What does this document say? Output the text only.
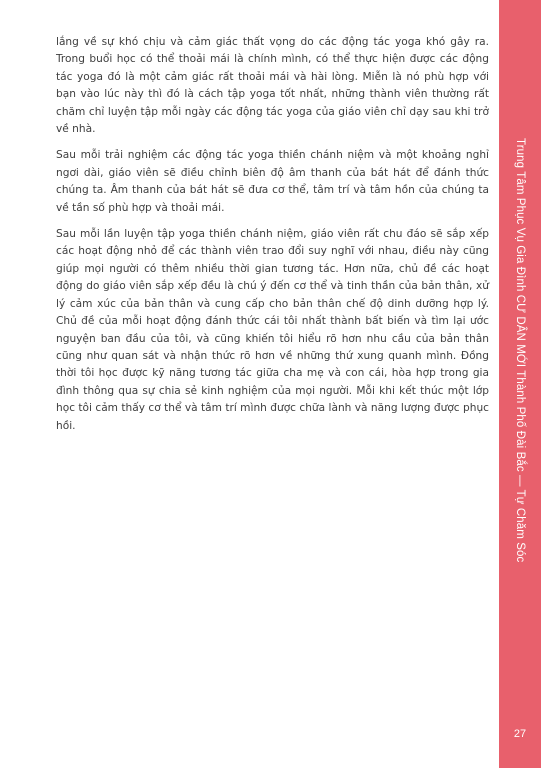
lắng về sự khó chịu và cảm giác thất vọng do các động tác yoga khó gây ra. Trong buổi học có thể thoải mái là chính mình, có thể thực hiện được các động tác yoga đó là một cảm giác rất thoải mái và hài lòng. Miễn là nó phù hợp với bạn vào lúc này thì đó là cách tập yoga tốt nhất, những thành viên thường rất chăm chỉ luyện tập mỗi ngày các động tác yoga của giáo viên chỉ dạy sau khi trở về nhà.

Sau mỗi trải nghiệm các động tác yoga thiền chánh niệm và một khoảng nghỉ ngơi dài, giáo viên sẽ điều chỉnh biên độ âm thanh của bát hát để đánh thức chúng ta. Âm thanh của bát hát sẽ đưa cơ thể, tâm trí và tâm hồn của chúng ta về tần số phù hợp và thoải mái.

Sau mỗi lần luyện tập yoga thiền chánh niệm, giáo viên rất chu đáo sẽ sắp xếp các hoạt động nhỏ để các thành viên trao đổi suy nghĩ với nhau, điều này cũng giúp mọi người có thêm nhiều thời gian tương tác. Hơn nữa, chủ đề các hoạt động do giáo viên sắp xếp đều là chú ý đến cơ thể và tinh thần của bản thân, xử lý cảm xúc của bản thân và cung cấp cho bản thân chế độ dinh dưỡng hợp lý. Chủ đề của mỗi hoạt động đánh thức cái tôi nhất thành bất biến và tìm lại ước nguyện ban đầu của tôi, và cũng khiến tôi hiểu rõ hơn nhu cầu của bản thân cũng như quan sát và nhận thức rõ hơn về những thứ xung quanh mình. Đồng thời tôi học được kỹ năng tương tác giữa cha mẹ và con cái, hòa hợp trong gia đình thông qua sự chia sẻ kinh nghiệm của mọi người. Mỗi khi kết thúc một lớp học tôi cảm thấy cơ thể và tâm trí mình được chữa lành và năng lượng được phục hồi.	Trung Tâm Phục Vụ Gia Đình CƯ DÂN MỚI Thành Phố Đài Bắc — Tự Chăm Sóc
27
